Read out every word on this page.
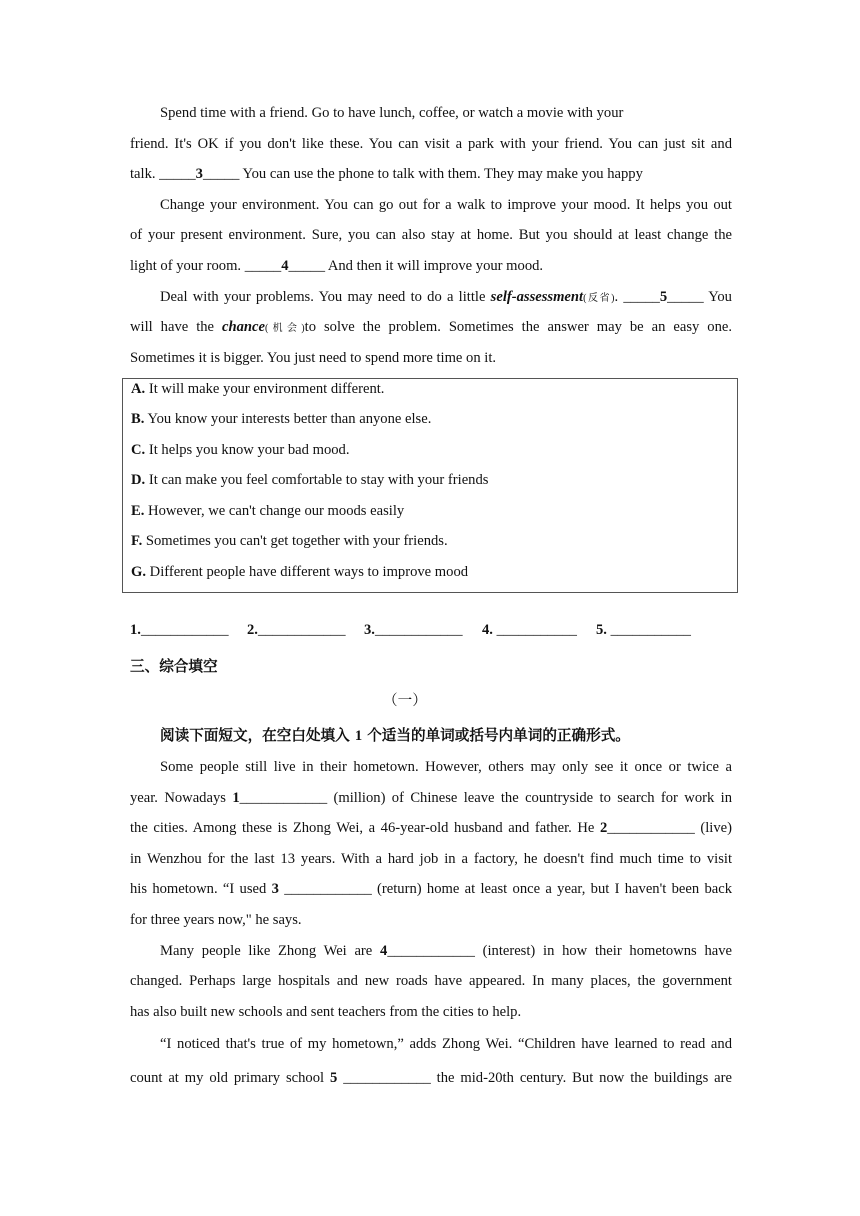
Spend time with a friend. Go to have lunch, coffee, or watch a movie with your
friend. It's OK if you don't like these. You can visit a park with your friend. You can just sit and
talk. _____3_____ You can use the phone to talk with them. They may make you happy
Change your environment. You can go out for a walk to improve your mood. It helps you out
of your present environment. Sure, you can also stay at home. But you should at least change the
light of your room. _____4_____ And then it will improve your mood.
Deal with your problems. You may need to do a little self-assessment(反省). _____5_____ You
will have the chance(机会)to solve the problem. Sometimes the answer may be an easy one.
Sometimes it is bigger. You just need to spend more time on it.
A. It will make your environment different.
B. You know your interests better than anyone else.
C. It helps you know your bad mood.
D. It can make you feel comfortable to stay with your friends
E. However, we can't change our moods easily
F. Sometimes you can't get together with your friends.
G. Different people have different ways to improve mood
1.____________ 2.____________ 3.____________ 4. ___________ 5. ___________
三、综合填空
（一）
阅读下面短文，在空白处填入 1 个适当的单词或括号内单词的正确形式。
Some people still live in their hometown. However, others may only see it once or twice a
year. Nowadays 1____________ (million) of Chinese leave the countryside to search for work in
the cities. Among these is Zhong Wei, a 46-year-old husband and father. He 2____________ (live)
in Wenzhou for the last 13 years. With a hard job in a factory, he doesn't find much time to visit
his hometown. “I used 3 ____________ (return) home at least once a year, but I haven't been back
for three years now," he says.
Many people like Zhong Wei are 4____________ (interest) in how their hometowns have
changed. Perhaps large hospitals and new roads have appeared. In many places, the government
has also built new schools and sent teachers from the cities to help.
“I noticed that's true of my hometown,” adds Zhong Wei. “Children have learned to read and
count at my old primary school 5 ____________ the mid-20th century. But now the buildings are
